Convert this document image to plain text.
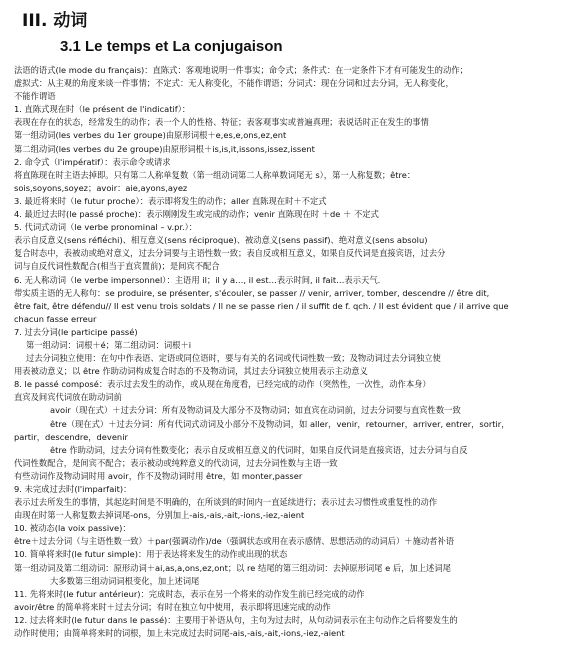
III. 动词
3.1 Le temps et La conjugaison

法语的语式(le mode du français)：直陈式：客观地说明一件事实；命令式；条件式：在一定条件下才有可能发生的动作；

虚拟式：从主观的角度来谈一件事情；不定式：无人称变化，不能作谓语；分词式：现在分词和过去分词，无人称变化，

不能作谓语

1. 直陈式现在时（le présent de l'indicatif）：

表现在存在的状态，经常发生的动作；表一个人的性格、特征；表客观事实或普遍真理；表说话时正在发生的事情

第一组动词(les verbes du 1er groupe)由原形词根＋e,es,e,ons,ez,ent

第二组动词(les verbes du 2e groupe)由原形词根＋is,is,it,issons,issez,issent

2. 命令式（l'impératif）：表示命令或请求

将直陈现在时主语去掉即。只有第二人称单复数（第一组动词第二人称单数词尾无 s），第一人称复数；être：

sois,soyons,soyez；avoir：aie,ayons,ayez

3. 最近将来时（le futur proche）：表示即将发生的动作；aller 直陈现在时＋不定式

4. 最近过去时(le passé proche)：表示刚刚发生或完成的动作；venir 直陈现在时 ＋de ＋ 不定式

5. 代词式动词（le verbe pronominal – v.pr.）：

表示自反意义(sens réfléchi)、相互意义(sens réciproque)、被动意义(sens passif)、绝对意义(sens absolu)

复合时态中，表被动或绝对意义，过去分词要与主语性数一致；表自反或相互意义，如果自反代词是直接宾语，过去分

词与自反代词性数配合(相当于直宾置前)；是间宾不配合

6. 无人称动词（le verbe impersonnel）：主语用 il；il y a…, il est…表示时间, il fait…表示天气.

带实质主语的无人称句：se produire, se présenter, s'écouler, se passer // venir, arriver, tomber, descendre // être dit,

être fait, être défendu// Il est venu trois soldats / Il ne se passe rien / il suffit de f. qch. / Il est évident que / il arrive que

chacun fasse erreur

7. 过去分词(le participe passé)

第一组动词：词根＋é；第二组动词：词根＋i

过去分词独立使用：在句中作表语、定语或同位语时，要与有关的名词或代词性数一致；及物动词过去分词独立使

用表被动意义；以 être 作助动词构成复合时态的不及物动词，其过去分词独立使用表示主动意义

8. le passé composé：表示过去发生的动作，或从现在角度看，已经完成的动作（突然性，一次性，动作本身）

直宾及间宾代词放在助动词前

avoir（现在式）＋过去分词：所有及物动词及大部分不及物动词；如直宾在动词前，过去分词要与直宾性数一致

être（现在式）＋过去分词：所有代词式动词及小部分不及物动词，如 aller，venir，retourner，arriver, entrer，sortir，

partir，descendre，devenir

être 作助动词，过去分词有性数变化；表示自反或相互意义的代词时，如果自反代词是直接宾语，过去分词与自反

代词性数配合，是间宾不配合；表示被动或纯粹意义的代动词，过去分词性数与主语一致

有些动词作及物动词时用 avoir，作不及物动词时用 être，如 monter,passer

9. 未完成过去时(l'imparfait)：

表示过去所发生的事情，其起迄时间是不明确的，在所谈到的时间内一直延续进行；表示过去习惯性或重复性的动作

由现在时第一人称复数去掉词尾-ons，分别加上-ais,-ais,-ait,-ions,-iez,-aient

10. 被动态(la voix passive)：

être＋过去分词（与主语性数一致）＋par(强调动作)/de（强调状态或用在表示感情、思想活动的动词后）＋施动者补语

10. 简单将来时(le futur simple)：用于表达将来发生的动作或出现的状态

第一组动词及第二组动词：原形动词＋ai,as,a,ons,ez,ont；以 re 结尾的第三组动词：去掉原形词尾 e 后，加上述词尾

大多数第三组动词词根变化，加上述词尾

11. 先将来时(le futur antérieur)：完成时态，表示在另一个将来的动作发生前已经完成的动作

avoir/être 的简单将来时＋过去分词；有时在独立句中使用，表示即将迅速完成的动作

12. 过去将来时(le futur dans le passé)：主要用于补语从句，主句为过去时，从句动词表示在主句动作之后将要发生的

动作时使用；由简单将来时的词根，加上未完成过去时词尾-ais,-ais,-ait,-ions,-iez,-aient
